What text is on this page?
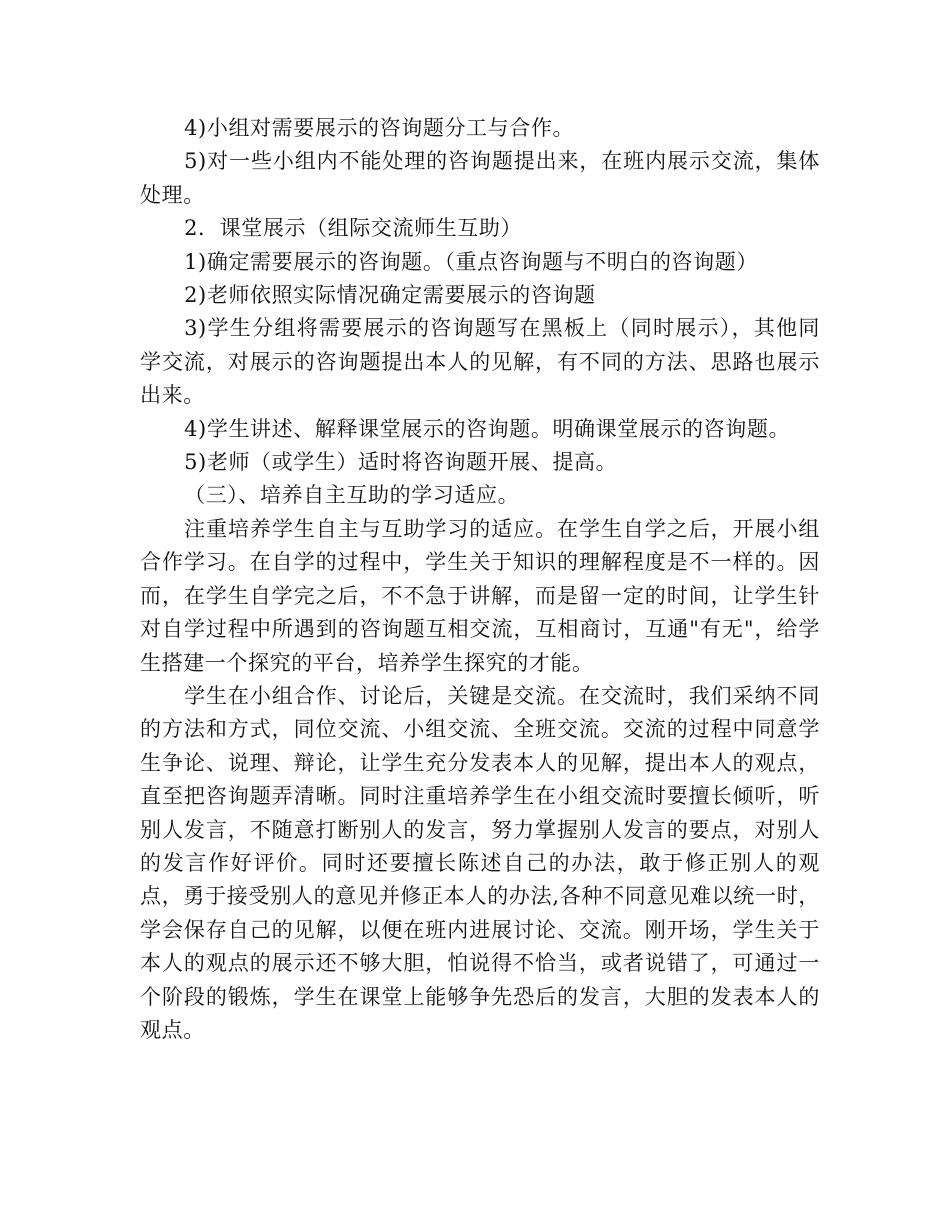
4)小组对需要展示的咨询题分工与合作。

5)对一些小组内不能处理的咨询题提出来，在班内展示交流，集体处理。

2．课堂展示（组际交流师生互助）

1)确定需要展示的咨询题。（重点咨询题与不明白的咨询题）

2)老师依照实际情况确定需要展示的咨询题

3)学生分组将需要展示的咨询题写在黑板上（同时展示），其他同学交流，对展示的咨询题提出本人的见解，有不同的方法、思路也展示出来。

4)学生讲述、解释课堂展示的咨询题。明确课堂展示的咨询题。

5)老师（或学生）适时将咨询题开展、提高。

（三）、培养自主互助的学习适应。

注重培养学生自主与互助学习的适应。在学生自学之后，开展小组合作学习。在自学的过程中，学生关于知识的理解程度是不一样的。因而，在学生自学完之后，不不急于讲解，而是留一定的时间，让学生针对自学过程中所遇到的咨询题互相交流，互相商讨，互通"有无"，给学生搭建一个探究的平台，培养学生探究的才能。

学生在小组合作、讨论后，关键是交流。在交流时，我们采纳不同的方法和方式，同位交流、小组交流、全班交流。交流的过程中同意学生争论、说理、辩论，让学生充分发表本人的见解，提出本人的观点，直至把咨询题弄清晰。同时注重培养学生在小组交流时要擅长倾听，听别人发言，不随意打断别人的发言，努力掌握别人发言的要点，对别人的发言作好评价。同时还要擅长陈述自己的办法，敢于修正别人的观点，勇于接受别人的意见并修正本人的办法,各种不同意见难以统一时，学会保存自己的见解，以便在班内进展讨论、交流。刚开场，学生关于本人的观点的展示还不够大胆，怕说得不恰当，或者说错了，可通过一个阶段的锻炼，学生在课堂上能够争先恐后的发言，大胆的发表本人的观点。
